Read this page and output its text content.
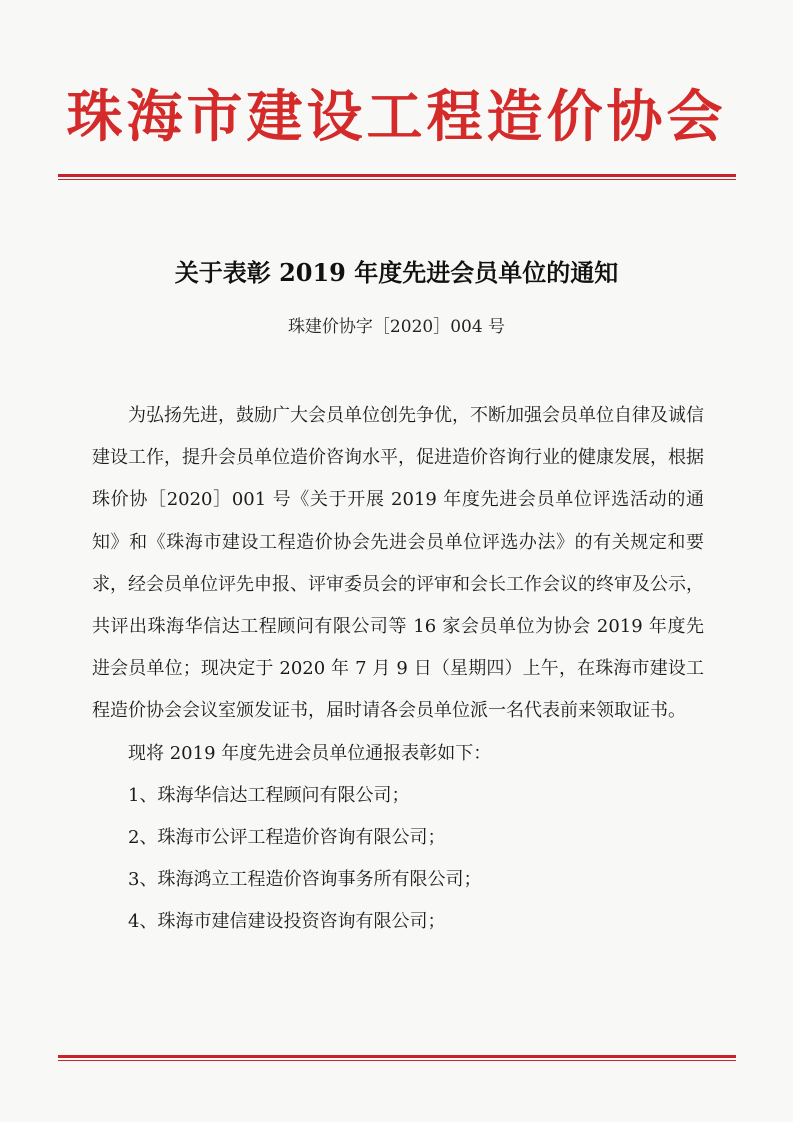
珠海市建设工程造价协会
关于表彰 2019 年度先进会员单位的通知
珠建价协字［2020］004 号

为弘扬先进，鼓励广大会员单位创先争优，不断加强会员单位自律及诚信建设工作，提升会员单位造价咨询水平，促进造价咨询行业的健康发展，根据珠价协［2020］001 号《关于开展 2019 年度先进会员单位评选活动的通知》和《珠海市建设工程造价协会先进会员单位评选办法》的有关规定和要求，经会员单位评先申报、评审委员会的评审和会长工作会议的终审及公示，共评出珠海华信达工程顾问有限公司等 16 家会员单位为协会 2019 年度先进会员单位；现决定于 2020 年 7 月 9 日（星期四）上午，在珠海市建设工程造价协会会议室颁发证书，届时请各会员单位派一名代表前来领取证书。

现将 2019 年度先进会员单位通报表彰如下：

1、珠海华信达工程顾问有限公司；

2、珠海市公评工程造价咨询有限公司；

3、珠海鸿立工程造价咨询事务所有限公司；

4、珠海市建信建设投资咨询有限公司；
